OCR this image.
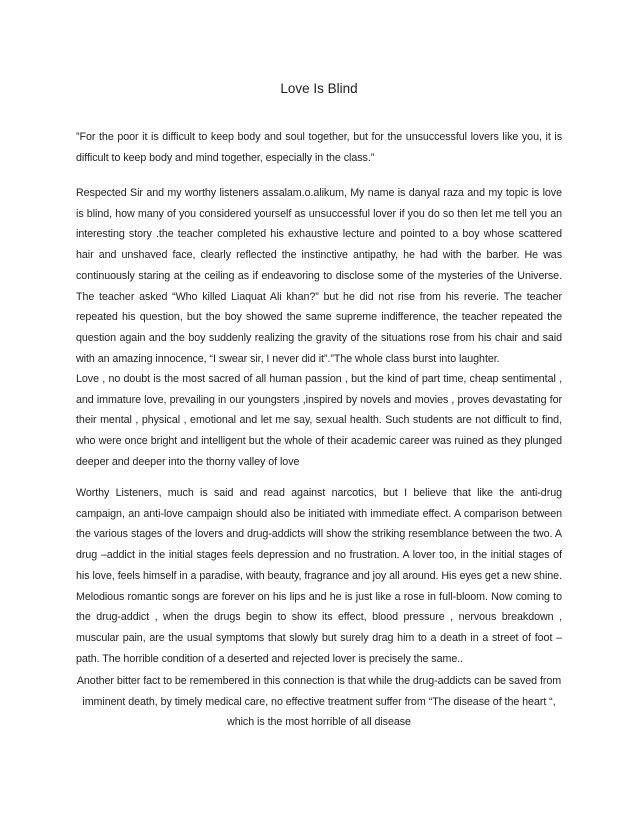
Love Is Blind
”For the poor it is difficult to keep body and soul together, but for the unsuccessful lovers like you, it is difficult to keep body and mind together, especially in the class.”
Respected Sir and my worthy listeners assalam.o.alikum, My name is danyal raza and my topic is love is blind, how many of you considered yourself as unsuccessful lover if you do so then let me tell you an interesting story .the teacher completed his exhaustive lecture and pointed to a boy whose scattered hair and unshaved face, clearly reflected the instinctive antipathy, he had with the barber. He was continuously staring at the ceiling as if endeavoring to disclose some of the mysteries of the Universe. The teacher asked “Who killed Liaquat Ali khan?” but he did not rise from his reverie. The teacher repeated his question, but the boy showed the same supreme indifference, the teacher repeated the question again and the boy suddenly realizing the gravity of the situations rose from his chair and said with an amazing innocence, “I swear sir, I never did it”.”The whole class burst into laughter.
Love , no doubt is the most sacred of all human passion , but the kind of part time, cheap sentimental , and immature love, prevailing in our youngsters ,inspired by novels and movies , proves devastating for their mental , physical , emotional and let me say, sexual health. Such students are not difficult to find, who were once bright and intelligent but the whole of their academic career was ruined as they plunged deeper and deeper into the thorny valley of love
Worthy Listeners, much is said and read against narcotics, but I believe that like the anti-drug campaign, an anti-love campaign should also be initiated with immediate effect. A comparison between the various stages of the lovers and drug-addicts will show the striking resemblance between the two. A drug –addict in the initial stages feels depression and no frustration. A lover too, in the initial stages of his love, feels himself in a paradise, with beauty, fragrance and joy all around. His eyes get a new shine. Melodious romantic songs are forever on his lips and he is just like a rose in full-bloom. Now coming to the drug-addict , when the drugs begin to show its effect, blood pressure , nervous breakdown , muscular pain, are the usual symptoms that slowly but surely drag him to a death in a street of foot –path. The horrible condition of a deserted and rejected lover is precisely the same..
Another bitter fact to be remembered in this connection is that while the drug-addicts can be saved from imminent death, by timely medical care, no effective treatment suffer from “The disease of the heart “, which is the most horrible of all disease
